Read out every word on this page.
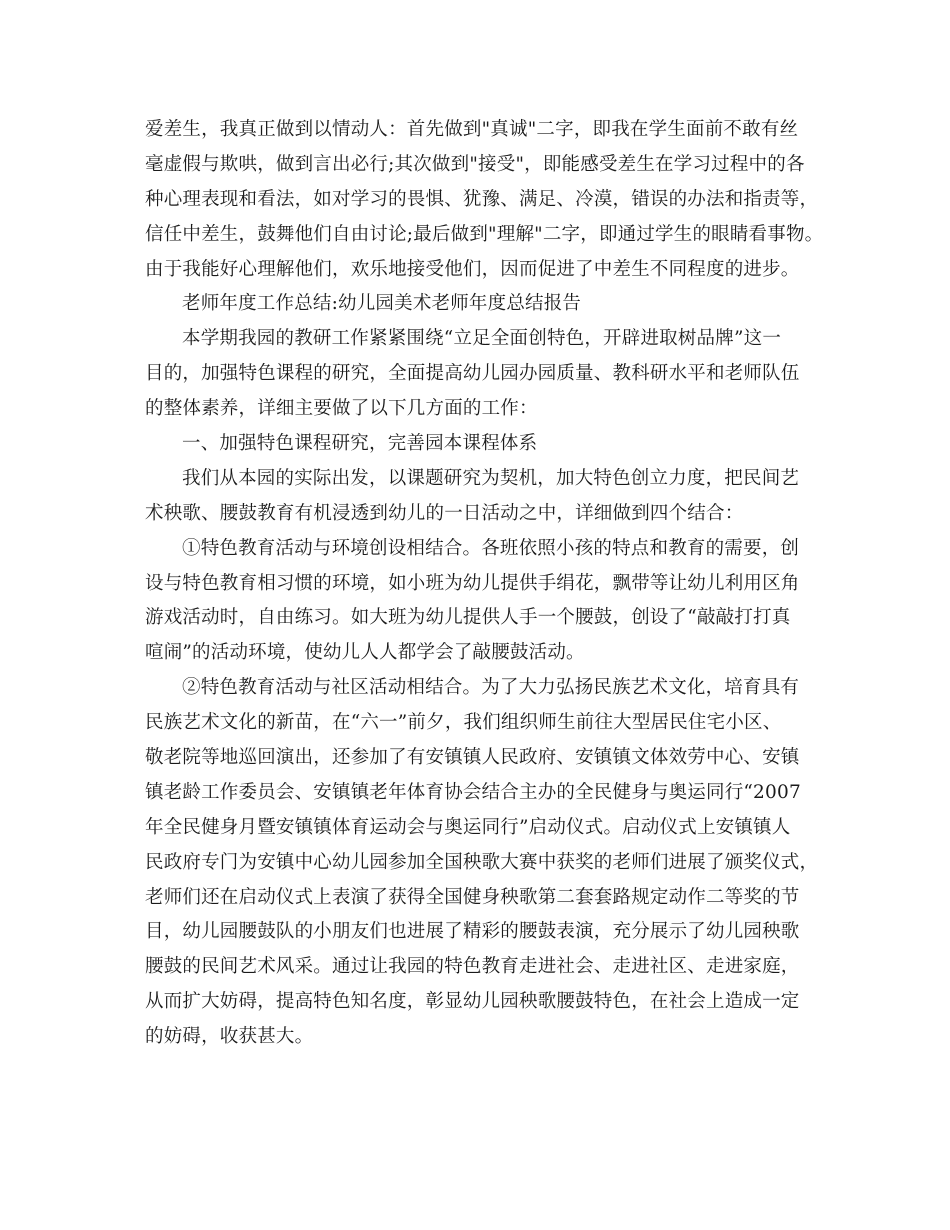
爱差生，我真正做到以情动人：首先做到"真诚"二字，即我在学生面前不敢有丝
毫虚假与欺哄，做到言出必行;其次做到"接受"，即能感受差生在学习过程中的各
种心理表现和看法，如对学习的畏惧、犹豫、满足、冷漠，错误的办法和指责等，
信任中差生，鼓舞他们自由讨论;最后做到"理解"二字，即通过学生的眼睛看事物。
由于我能好心理解他们，欢乐地接受他们，因而促进了中差生不同程度的进步。
老师年度工作总结:幼儿园美术老师年度总结报告
本学期我园的教研工作紧紧围绕“立足全面创特色，开辟进取树品牌”这一
目的，加强特色课程的研究，全面提高幼儿园办园质量、教科研水平和老师队伍
的整体素养，详细主要做了以下几方面的工作：
一、加强特色课程研究，完善园本课程体系
我们从本园的实际出发，以课题研究为契机，加大特色创立力度，把民间艺
术秧歌、腰鼓教育有机浸透到幼儿的一日活动之中，详细做到四个结合：
①特色教育活动与环境创设相结合。各班依照小孩的特点和教育的需要，创
设与特色教育相习惯的环境，如小班为幼儿提供手绢花，飘带等让幼儿利用区角
游戏活动时，自由练习。如大班为幼儿提供人手一个腰鼓，创设了“敲敲打打真
喧闹”的活动环境，使幼儿人人都学会了敲腰鼓活动。
②特色教育活动与社区活动相结合。为了大力弘扬民族艺术文化，培育具有
民族艺术文化的新苗，在“六一”前夕，我们组织师生前往大型居民住宅小区、
敬老院等地巡回演出，还参加了有安镇镇人民政府、安镇镇文体效劳中心、安镇
镇老龄工作委员会、安镇镇老年体育协会结合主办的全民健身与奥运同行“2007
年全民健身月暨安镇镇体育运动会与奥运同行”启动仪式。启动仪式上安镇镇人
民政府专门为安镇中心幼儿园参加全国秧歌大赛中获奖的老师们进展了颁奖仪式，
老师们还在启动仪式上表演了获得全国健身秧歌第二套套路规定动作二等奖的节
目，幼儿园腰鼓队的小朋友们也进展了精彩的腰鼓表演，充分展示了幼儿园秧歌
腰鼓的民间艺术风采。通过让我园的特色教育走进社会、走进社区、走进家庭，
从而扩大妨碍，提高特色知名度，彰显幼儿园秧歌腰鼓特色，在社会上造成一定
的妨碍，收获甚大。
